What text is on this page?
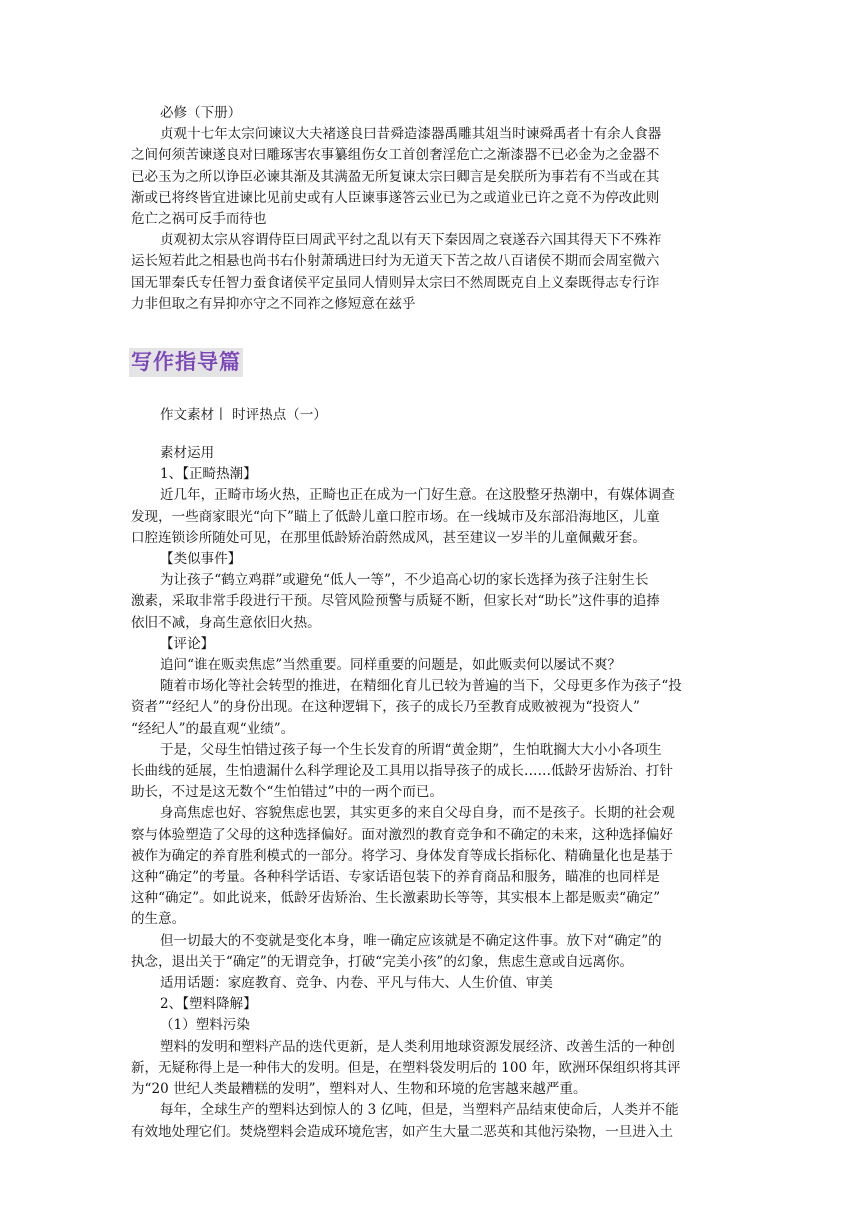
必修（下册）
贞观十七年太宗问谏议大夫褚遂良曰昔舜造漆器禹雕其俎当时谏舜禹者十有余人食器
之间何须苦谏遂良对曰雕琢害农事纂组伤女工首创奢淫危亡之渐漆器不已必金为之金器不
已必玉为之所以诤臣必谏其渐及其满盈无所复谏太宗曰卿言是矣朕所为事若有不当或在其
渐或已将终皆宜进谏比见前史或有人臣谏事遂答云业已为之或道业已许之竟不为停改此则
危亡之祸可反手而待也
贞观初太宗从容谓侍臣曰周武平纣之乱以有天下秦因周之衰遂吞六国其得天下不殊祚
运长短若此之相悬也尚书右仆射萧瑀进曰纣为无道天下苦之故八百诸侯不期而会周室微六
国无罪秦氏专任智力蚕食诸侯平定虽同人情则异太宗曰不然周既克自上义秦既得志专行诈
力非但取之有异抑亦守之不同祚之修短意在兹乎
写作指导篇
作文素材丨 时评热点（一）
素材运用
1、【正畸热潮】
近几年，正畸市场火热，正畸也正在成为一门好生意。在这股整牙热潮中，有媒体调查
发现，一些商家眼光“向下”瞄上了低龄儿童口腔市场。在一线城市及东部沿海地区，儿童
口腔连锁诊所随处可见，在那里低龄矫治蔚然成风，甚至建议一岁半的儿童佩戴牙套。
【类似事件】
为让孩子“鹤立鸡群”或避免“低人一等”，不少追高心切的家长选择为孩子注射生长
激素，采取非常手段进行干预。尽管风险预警与质疑不断，但家长对“助长”这件事的追捧
依旧不减，身高生意依旧火热。
【评论】
追问“谁在贩卖焦虑”当然重要。同样重要的问题是，如此贩卖何以屡试不爽？
随着市场化等社会转型的推进，在精细化育儿已较为普遍的当下，父母更多作为孩子“投
资者”“经纪人”的身份出现。在这种逻辑下，孩子的成长乃至教育成败被视为“投资人”
“经纪人”的最直观“业绩”。
于是，父母生怕错过孩子每一个生长发育的所谓“黄金期”，生怕耽搁大大小小各项生
长曲线的延展，生怕遗漏什么科学理论及工具用以指导孩子的成长……低龄牙齿矫治、打针
助长，不过是这无数个“生怕错过”中的一两个而已。
身高焦虑也好、容貌焦虑也罢，其实更多的来自父母自身，而不是孩子。长期的社会观
察与体验塑造了父母的这种选择偏好。面对激烈的教育竞争和不确定的未来，这种选择偏好
被作为确定的养育胜利模式的一部分。将学习、身体发育等成长指标化、精确量化也是基于
这种“确定”的考量。各种科学话语、专家话语包装下的养育商品和服务，瞄准的也同样是
这种“确定”。如此说来，低龄牙齿矫治、生长激素助长等等，其实根本上都是贩卖“确定”
的生意。
但一切最大的不变就是变化本身，唯一确定应该就是不确定这件事。放下对“确定”的
执念，退出关于“确定”的无谓竞争，打破“完美小孩”的幻象，焦虑生意或自远离你。
适用话题：家庭教育、竞争、内卷、平凡与伟大、人生价值、审美
2、【塑料降解】
（1）塑料污染
塑料的发明和塑料产品的迭代更新，是人类利用地球资源发展经济、改善生活的一种创
新，无疑称得上是一种伟大的发明。但是，在塑料袋发明后的 100 年，欧洲环保组织将其评
为“20 世纪人类最糟糕的发明”，塑料对人、生物和环境的危害越来越严重。
每年，全球生产的塑料达到惊人的 3 亿吨，但是，当塑料产品结束使命后，人类并不能
有效地处理它们。焚烧塑料会造成环境危害，如产生大量二恶英和其他污染物，一旦进入土
